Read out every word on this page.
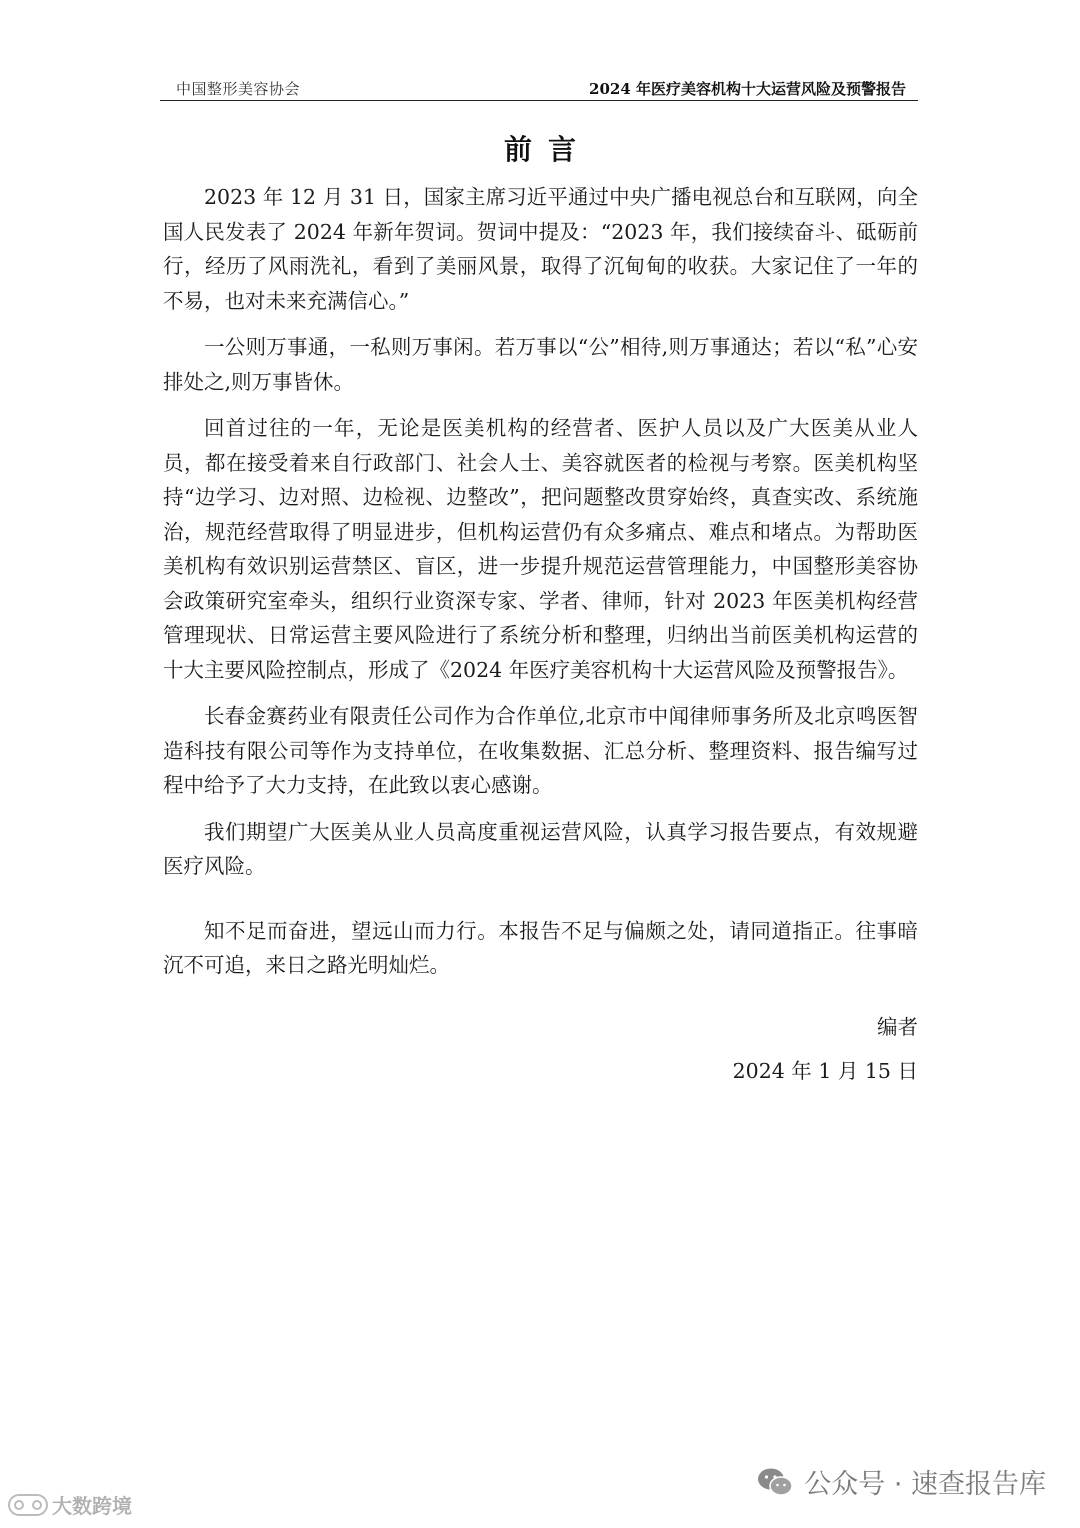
中国整形美容协会	2024 年医疗美容机构十大运营风险及预警报告
前言

2023 年 12 月 31 日，国家主席习近平通过中央广播电视总台和互联网，向全国人民发表了 2024 年新年贺词。贺词中提及：“2023 年，我们接续奋斗、砥砺前行，经历了风雨洗礼，看到了美丽风景，取得了沉甸甸的收获。大家记住了一年的不易，也对未来充满信心。”

一公则万事通，一私则万事闲。若万事以“公”相待,则万事通达；若以“私”心安排处之,则万事皆休。

回首过往的一年，无论是医美机构的经营者、医护人员以及广大医美从业人员，都在接受着来自行政部门、社会人士、美容就医者的检视与考察。医美机构坚持“边学习、边对照、边检视、边整改”，把问题整改贯穿始终，真查实改、系统施治，规范经营取得了明显进步，但机构运营仍有众多痛点、难点和堵点。为帮助医美机构有效识别运营禁区、盲区，进一步提升规范运营管理能力，中国整形美容协会政策研究室牵头，组织行业资深专家、学者、律师，针对 2023 年医美机构经营管理现状、日常运营主要风险进行了系统分析和整理，归纳出当前医美机构运营的十大主要风险控制点，形成了《2024 年医疗美容机构十大运营风险及预警报告》。

长春金赛药业有限责任公司作为合作单位,北京市中闻律师事务所及北京鸣医智造科技有限公司等作为支持单位，在收集数据、汇总分析、整理资料、报告编写过程中给予了大力支持，在此致以衷心感谢。

我们期望广大医美从业人员高度重视运营风险，认真学习报告要点，有效规避医疗风险。

知不足而奋进，望远山而力行。本报告不足与偏颇之处，请同道指正。往事暗沉不可追，来日之路光明灿烂。

编者
2024 年 1 月 15 日
大数跨境
公众号 · 速查报告库
